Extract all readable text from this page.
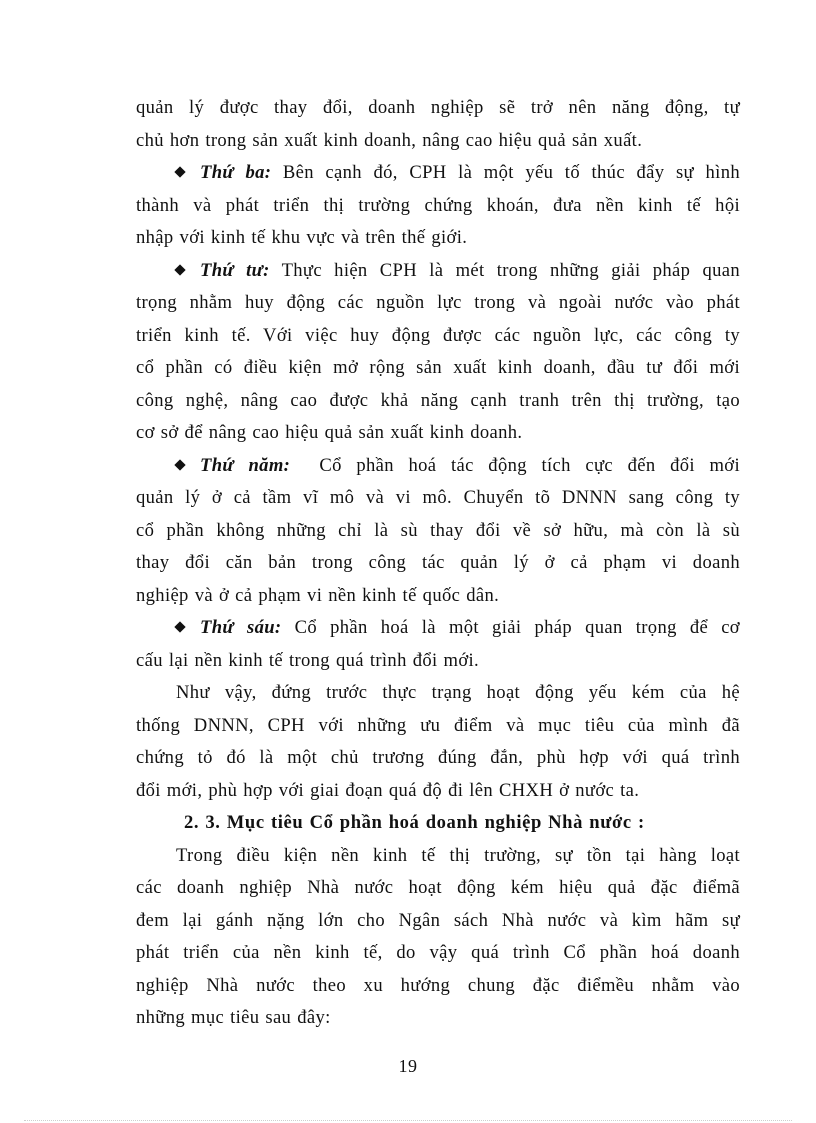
quản lý được thay đổi, doanh nghiệp sẽ trở nên năng động, tự
chủ hơn trong sản xuất kinh doanh, nâng cao hiệu quả sản xuất.
Thứ ba: Bên cạnh đó, CPH là một yếu tố thúc đẩy sự hình
thành và phát triển thị trường chứng khoán, đưa nền kinh tế hội
nhập với kinh tế khu vực và trên thế giới.
Thứ tư: Thực hiện CPH là mét trong những giải pháp quan
trọng nhằm huy động các nguồn lực trong và ngoài nước vào phát
triển kinh tế. Với việc huy động được các nguồn lực, các công ty
cổ phần có điều kiện mở rộng sản xuất kinh doanh, đầu tư đổi mới
công nghệ, nâng cao được khả năng cạnh tranh trên thị trường, tạo
cơ sở để nâng cao hiệu quả sản xuất kinh doanh.
Thứ năm: Cổ phần hoá tác động tích cực đến đổi mới
quản lý ở cả tầm vĩ mô và vi mô. Chuyển tõ DNNN sang công ty
cổ phần không những chỉ là sù thay đổi về sở hữu, mà còn là sù
thay đổi căn bản trong công tác quản lý ở cả phạm vi doanh
nghiệp và ở cả phạm vi nền kinh tế quốc dân.
Thứ sáu: Cổ phần hoá là một giải pháp quan trọng để cơ
cấu lại nền kinh tế trong quá trình đổi mới.
Như vậy, đứng trước thực trạng hoạt động yếu kém của hệ
thống DNNN, CPH với những ưu điểm và mục tiêu của mình đã
chứng tỏ đó là một chủ trương đúng đắn, phù hợp với quá trình
đổi mới, phù hợp với giai đoạn quá độ đi lên CHXH ở nước ta.
2. 3. Mục tiêu Cổ phần hoá doanh nghiệp Nhà nước :
Trong điều kiện nền kinh tế thị trường, sự tồn tại hàng loạt
các doanh nghiệp Nhà nước hoạt động kém hiệu quả đặc điểmã
đem lại gánh nặng lớn cho Ngân sách Nhà nước và kìm hãm sự
phát triển của nền kinh tế, do vậy quá trình Cổ phần hoá doanh
nghiệp Nhà nước theo xu hướng chung đặc điểmều nhằm vào
những mục tiêu sau đây:
19
